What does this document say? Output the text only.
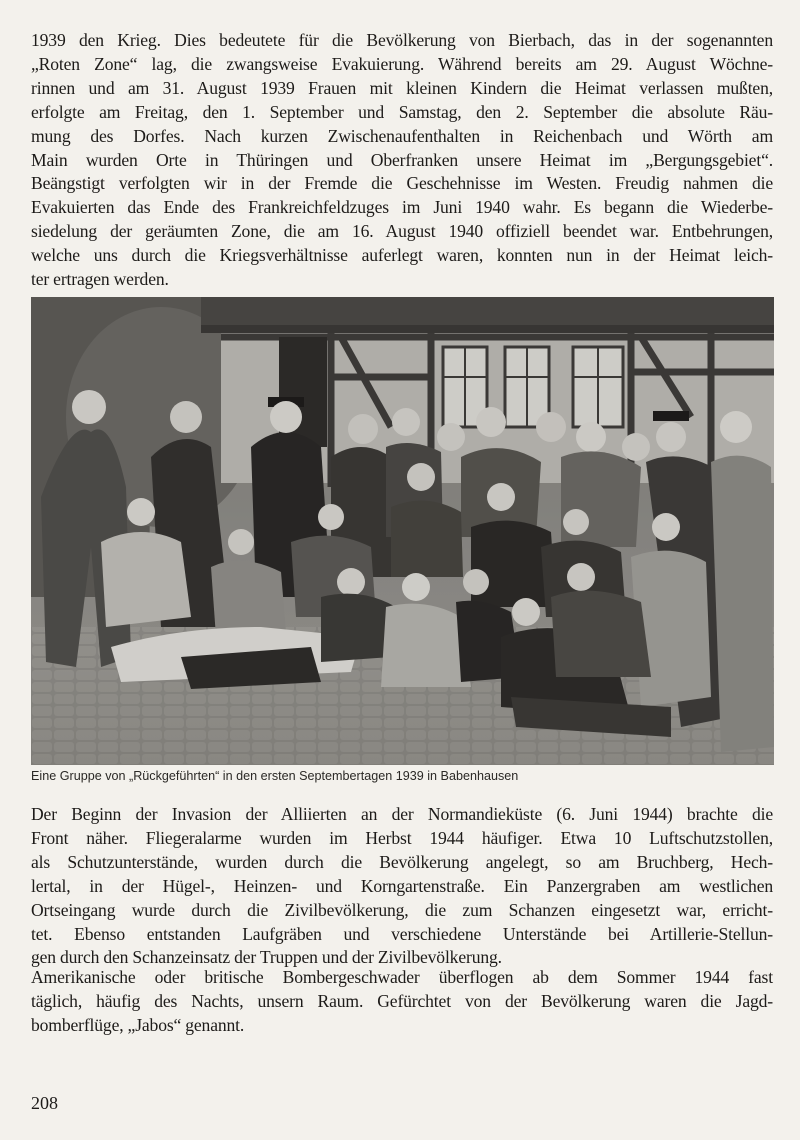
1939 den Krieg. Dies bedeutete für die Bevölkerung von Bierbach, das in der sogenannten
„Roten Zone“ lag, die zwangsweise Evakuierung. Während bereits am 29. August Wöchne-
rinnen und am 31. August 1939 Frauen mit kleinen Kindern die Heimat verlassen mußten,
erfolgte am Freitag, den 1. September und Samstag, den 2. September die absolute Räu-
mung des Dorfes. Nach kurzen Zwischenaufenthalten in Reichenbach und Wörth am
Main wurden Orte in Thüringen und Oberfranken unsere Heimat im „Bergungsgebiet“.
Beängstigt verfolgten wir in der Fremde die Geschehnisse im Westen. Freudig nahmen die
Evakuierten das Ende des Frankreichfeldzuges im Juni 1940 wahr. Es begann die Wiederbe-
siedelung der geräumten Zone, die am 16. August 1940 offiziell beendet war. Entbehrungen,
welche uns durch die Kriegsverhältnisse auferlegt waren, konnten nun in der Heimat leich-
ter ertragen werden.
Eine Gruppe von „Rückgeführten“ in den ersten Septembertagen 1939 in Babenhausen
Der Beginn der Invasion der Alliierten an der Normandieküste (6. Juni 1944) brachte die
Front näher. Fliegeralarme wurden im Herbst 1944 häufiger. Etwa 10 Luftschutzstollen,
als Schutzunterstände, wurden durch die Bevölkerung angelegt, so am Bruchberg, Hech-
lertal, in der Hügel-, Heinzen- und Korngartenstraße. Ein Panzergraben am westlichen
Ortseingang wurde durch die Zivilbevölkerung, die zum Schanzen eingesetzt war, erricht-
tet. Ebenso entstanden Laufgräben und verschiedene Unterstände bei Artillerie-Stellun-
gen durch den Schanzeinsatz der Truppen und der Zivilbevölkerung.
Amerikanische oder britische Bombergeschwader überflogen ab dem Sommer 1944 fast
täglich, häufig des Nachts, unsern Raum. Gefürchtet von der Bevölkerung waren die Jagd-
bomberflüge, „Jabos“ genannt.
208
